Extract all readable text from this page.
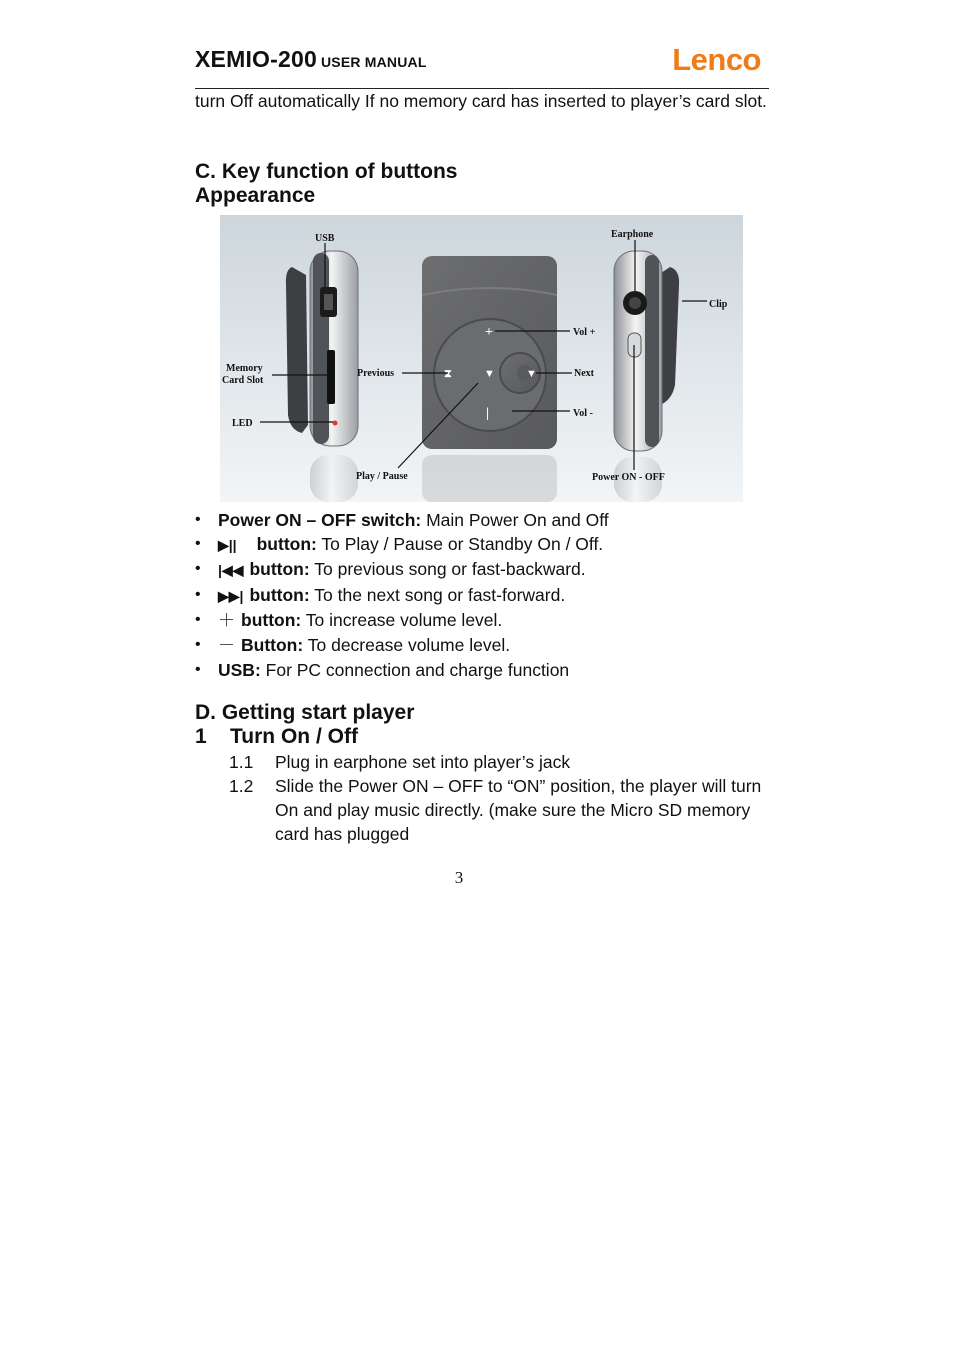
XEMIO-200 USER MANUAL	Lenco
turn Off automatically If no memory card has inserted to player’s card slot.
C. Key function of buttons
Appearance
+
⧗	▼	▼
|
USB
Memory
Card Slot
LED
Previous
Play / Pause
Vol +
Next
Vol -
Earphone
Clip
Power ON - OFF
• Power ON – OFF switch: Main Power On and Off
• ▶|| button: To Play / Pause or Standby On / Off.
• |◀◀ button: To previous song or fast-backward.
• ▶▶| button: To the next song or fast-forward.
• ＋ button: To increase volume level.
• － Button: To decrease volume level.
• USB: For PC connection and charge function
D. Getting start player
1    Turn On / Off
1.1 Plug in earphone set into player’s jack
1.2 Slide the Power ON – OFF to “ON” position, the player will turn On and play music directly. (make sure the Micro SD memory card has plugged
3
